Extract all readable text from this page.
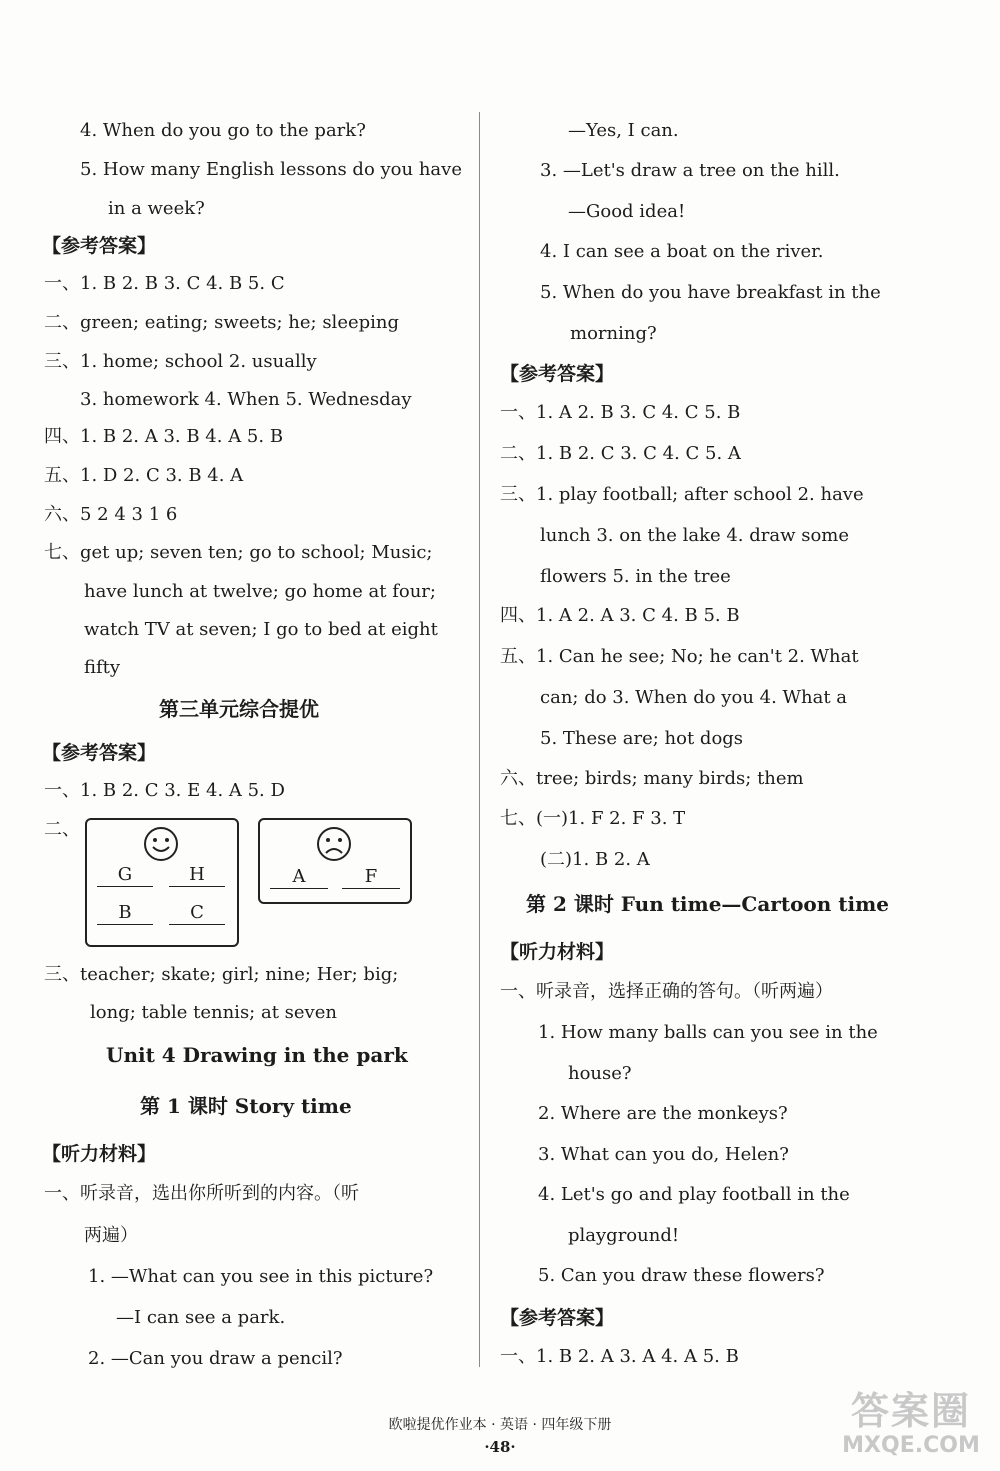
4. When do you go to the park?
5. How many English lessons do you have
in a week?
【参考答案】
一、1. B 2. B 3. C 4. B 5. C
二、green; eating; sweets; he; sleeping
三、1. home; school 2. usually
3. homework 4. When 5. Wednesday
四、1. B 2. A 3. B 4. A 5. B
五、1. D 2. C 3. B 4. A
六、5 2 4 3 1 6
七、get up; seven ten; go to school; Music;
have lunch at twelve; go home at four;
watch TV at seven; I go to bed at eight
fifty
第三单元综合提优
【参考答案】
一、1. B 2. C 3. E 4. A 5. D
二、
G	H
B	C
A	F
三、teacher; skate; girl; nine; Her; big;
long; table tennis; at seven
Unit 4 Drawing in the park
第 1 课时 Story time
【听力材料】
一、听录音，选出你所听到的内容。（听
两遍）
1. —What can you see in this picture?
—I can see a park.
2. —Can you draw a pencil?
—Yes, I can.
3. —Let's draw a tree on the hill.
—Good idea!
4. I can see a boat on the river.
5. When do you have breakfast in the
morning?
【参考答案】
一、1. A 2. B 3. C 4. C 5. B
二、1. B 2. C 3. C 4. C 5. A
三、1. play football; after school 2. have
lunch 3. on the lake 4. draw some
flowers 5. in the tree
四、1. A 2. A 3. C 4. B 5. B
五、1. Can he see; No; he can't 2. What
can; do 3. When do you 4. What a
5. These are; hot dogs
六、tree; birds; many birds; them
七、(一)1. F 2. F 3. T
(二)1. B 2. A
第 2 课时 Fun time—Cartoon time
【听力材料】
一、听录音，选择正确的答句。（听两遍）
1. How many balls can you see in the
house?
2. Where are the monkeys?
3. What can you do, Helen?
4. Let's go and play football in the
playground!
5. Can you draw these flowers?
【参考答案】
一、1. B 2. A 3. A 4. A 5. B
欧啦提优作业本 · 英语 · 四年级下册
·48·
答案圈
MXQE.COM
